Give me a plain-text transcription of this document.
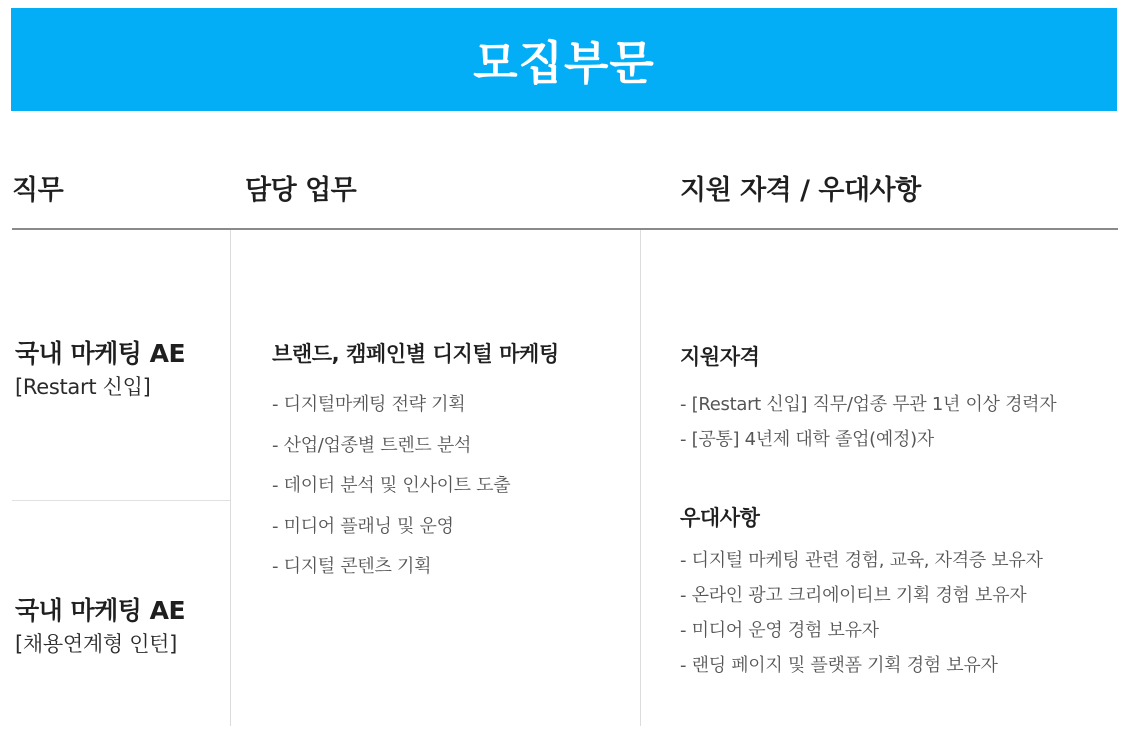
모집부문
직무	담당 업무	지원 자격 / 우대사항
국내 마케팅 AE
[Restart 신입]
국내 마케팅 AE
[채용연계형 인턴]
브랜드, 캠페인별 디지털 마케팅
- 디지털마케팅 전략 기획
- 산업/업종별 트렌드 분석
- 데이터 분석 및 인사이트 도출
- 미디어 플래닝 및 운영
- 디지털 콘텐츠 기획
지원자격
- [Restart 신입] 직무/업종 무관 1년 이상 경력자
- [공통] 4년제 대학 졸업(예정)자
우대사항
- 디지털 마케팅 관련 경험, 교육, 자격증 보유자
- 온라인 광고 크리에이티브 기획 경험 보유자
- 미디어 운영 경험 보유자
- 랜딩 페이지 및 플랫폼 기획 경험 보유자
